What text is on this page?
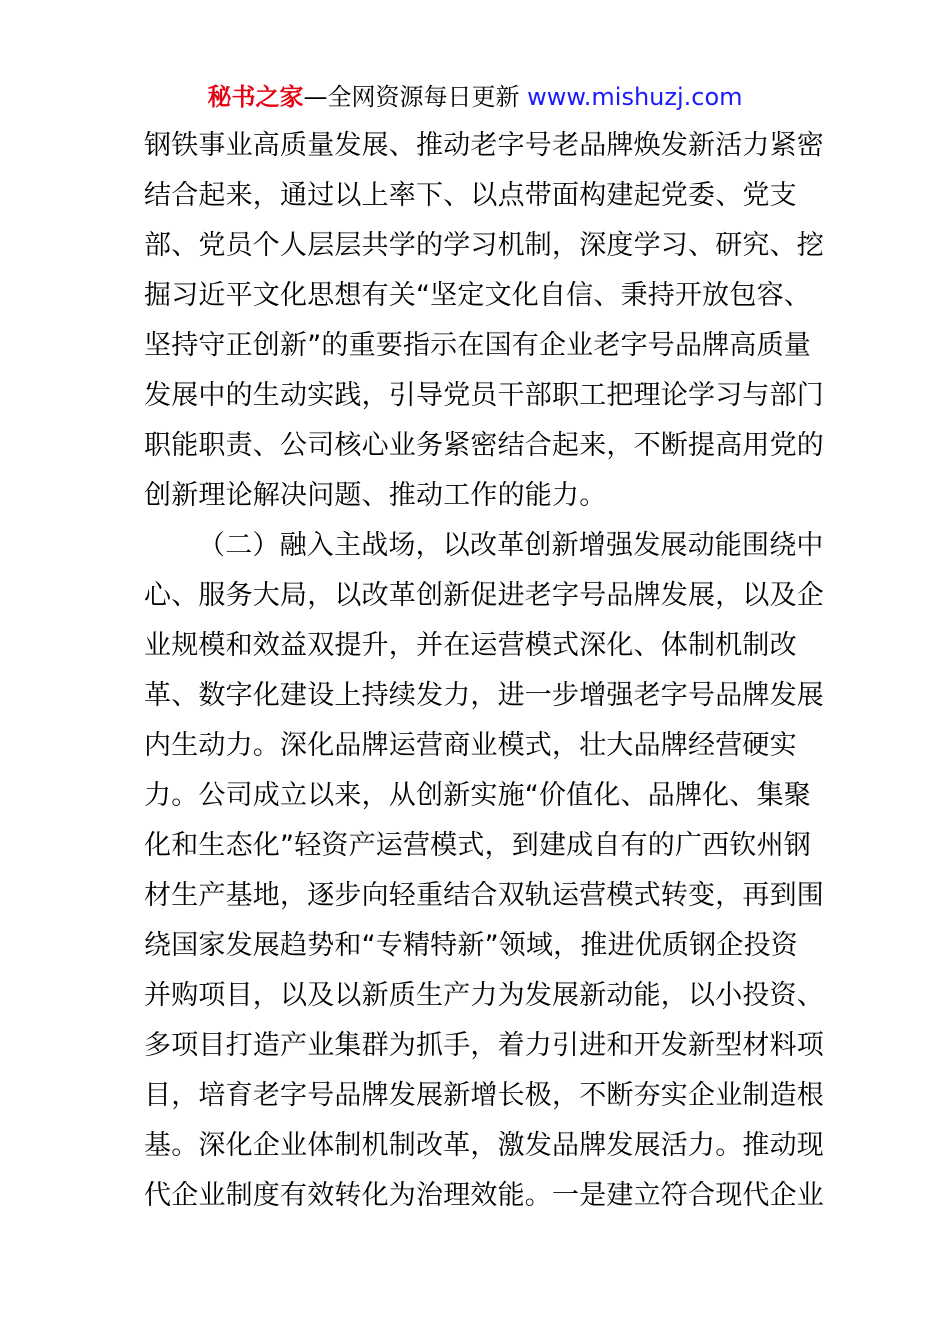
秘书之家—全网资源每日更新 www.mishuzj.com
钢铁事业高质量发展、推动老字号老品牌焕发新活力紧密
结合起来，通过以上率下、以点带面构建起党委、党支
部、党员个人层层共学的学习机制，深度学习、研究、挖
掘习近平文化思想有关“坚定文化自信、秉持开放包容、
坚持守正创新”的重要指示在国有企业老字号品牌高质量
发展中的生动实践，引导党员干部职工把理论学习与部门
职能职责、公司核心业务紧密结合起来，不断提高用党的
创新理论解决问题、推动工作的能力。
（二）融入主战场，以改革创新增强发展动能围绕中
心、服务大局，以改革创新促进老字号品牌发展，以及企
业规模和效益双提升，并在运营模式深化、体制机制改
革、数字化建设上持续发力，进一步增强老字号品牌发展
内生动力。深化品牌运营商业模式，壮大品牌经营硬实
力。公司成立以来，从创新实施“价值化、品牌化、集聚
化和生态化”轻资产运营模式，到建成自有的广西钦州钢
材生产基地，逐步向轻重结合双轨运营模式转变，再到围
绕国家发展趋势和“专精特新”领域，推进优质钢企投资
并购项目，以及以新质生产力为发展新动能，以小投资、
多项目打造产业集群为抓手，着力引进和开发新型材料项
目，培育老字号品牌发展新增长极，不断夯实企业制造根
基。深化企业体制机制改革，激发品牌发展活力。推动现
代企业制度有效转化为治理效能。一是建立符合现代企业
